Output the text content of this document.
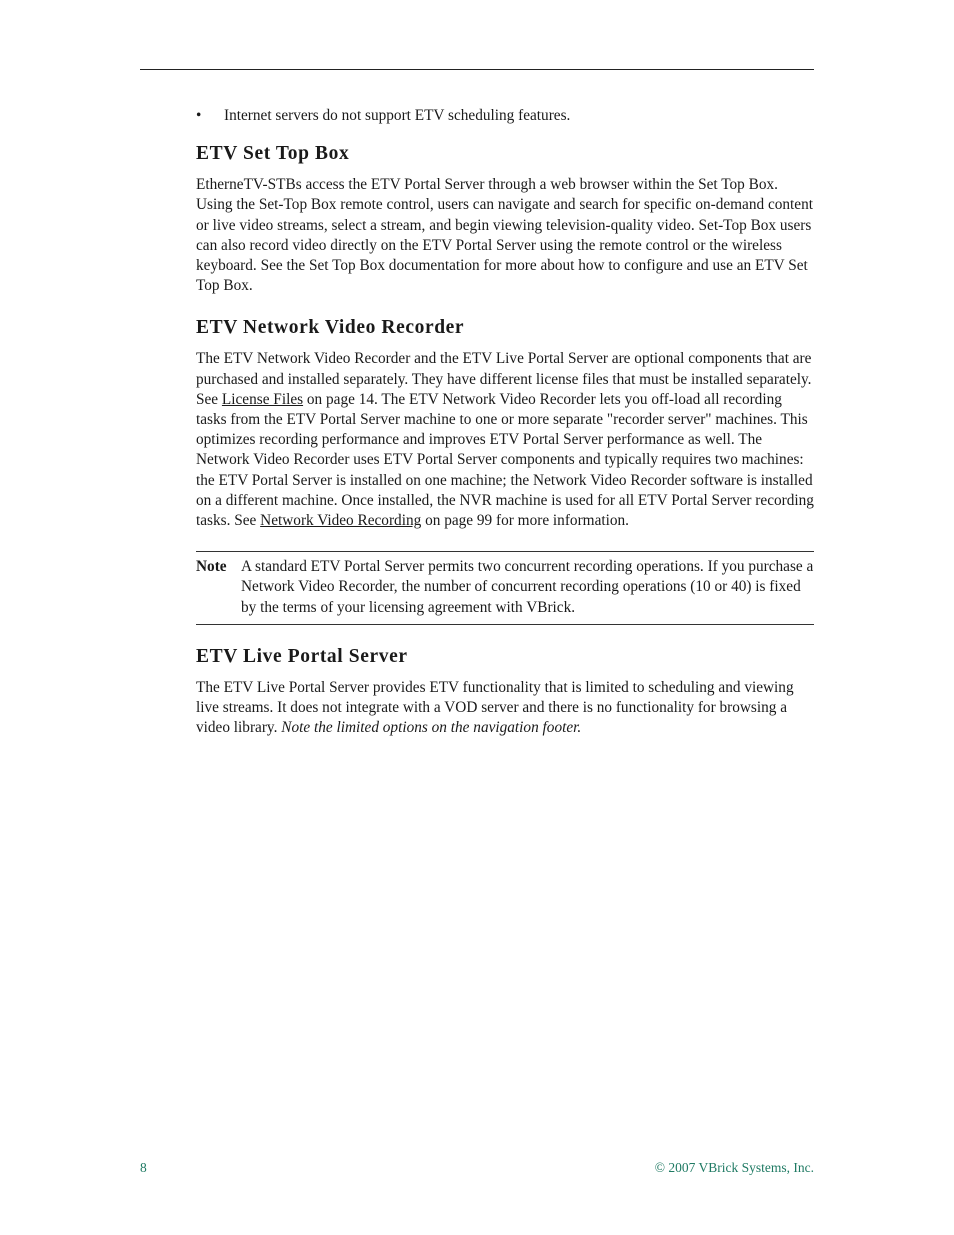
•	Internet servers do not support ETV scheduling features.
ETV Set Top Box

EtherneTV-STBs access the ETV Portal Server through a web browser within the Set Top Box. Using the Set-Top Box remote control, users can navigate and search for specific on-demand content or live video streams, select a stream, and begin viewing television-quality video. Set-Top Box users can also record video directly on the ETV Portal Server using the remote control or the wireless keyboard. See the Set Top Box documentation for more about how to configure and use an ETV Set Top Box.

ETV Network Video Recorder

The ETV Network Video Recorder and the ETV Live Portal Server are optional components that are purchased and installed separately. They have different license files that must be installed separately. See License Files on page 14. The ETV Network Video Recorder lets you off-load all recording tasks from the ETV Portal Server machine to one or more separate "recorder server" machines. This optimizes recording performance and improves ETV Portal Server performance as well. The Network Video Recorder uses ETV Portal Server components and typically requires two machines: the ETV Portal Server is installed on one machine; the Network Video Recorder software is installed on a different machine. Once installed, the NVR machine is used for all ETV Portal Server recording tasks. See Network Video Recording on page 99 for more information.

Note A standard ETV Portal Server permits two concurrent recording operations. If you purchase a Network Video Recorder, the number of concurrent recording operations (10 or 40) is fixed by the terms of your licensing agreement with VBrick.
ETV Live Portal Server

The ETV Live Portal Server provides ETV functionality that is limited to scheduling and viewing live streams. It does not integrate with a VOD server and there is no functionality for browsing a video library. Note the limited options on the navigation footer.

8	© 2007 VBrick Systems, Inc.
